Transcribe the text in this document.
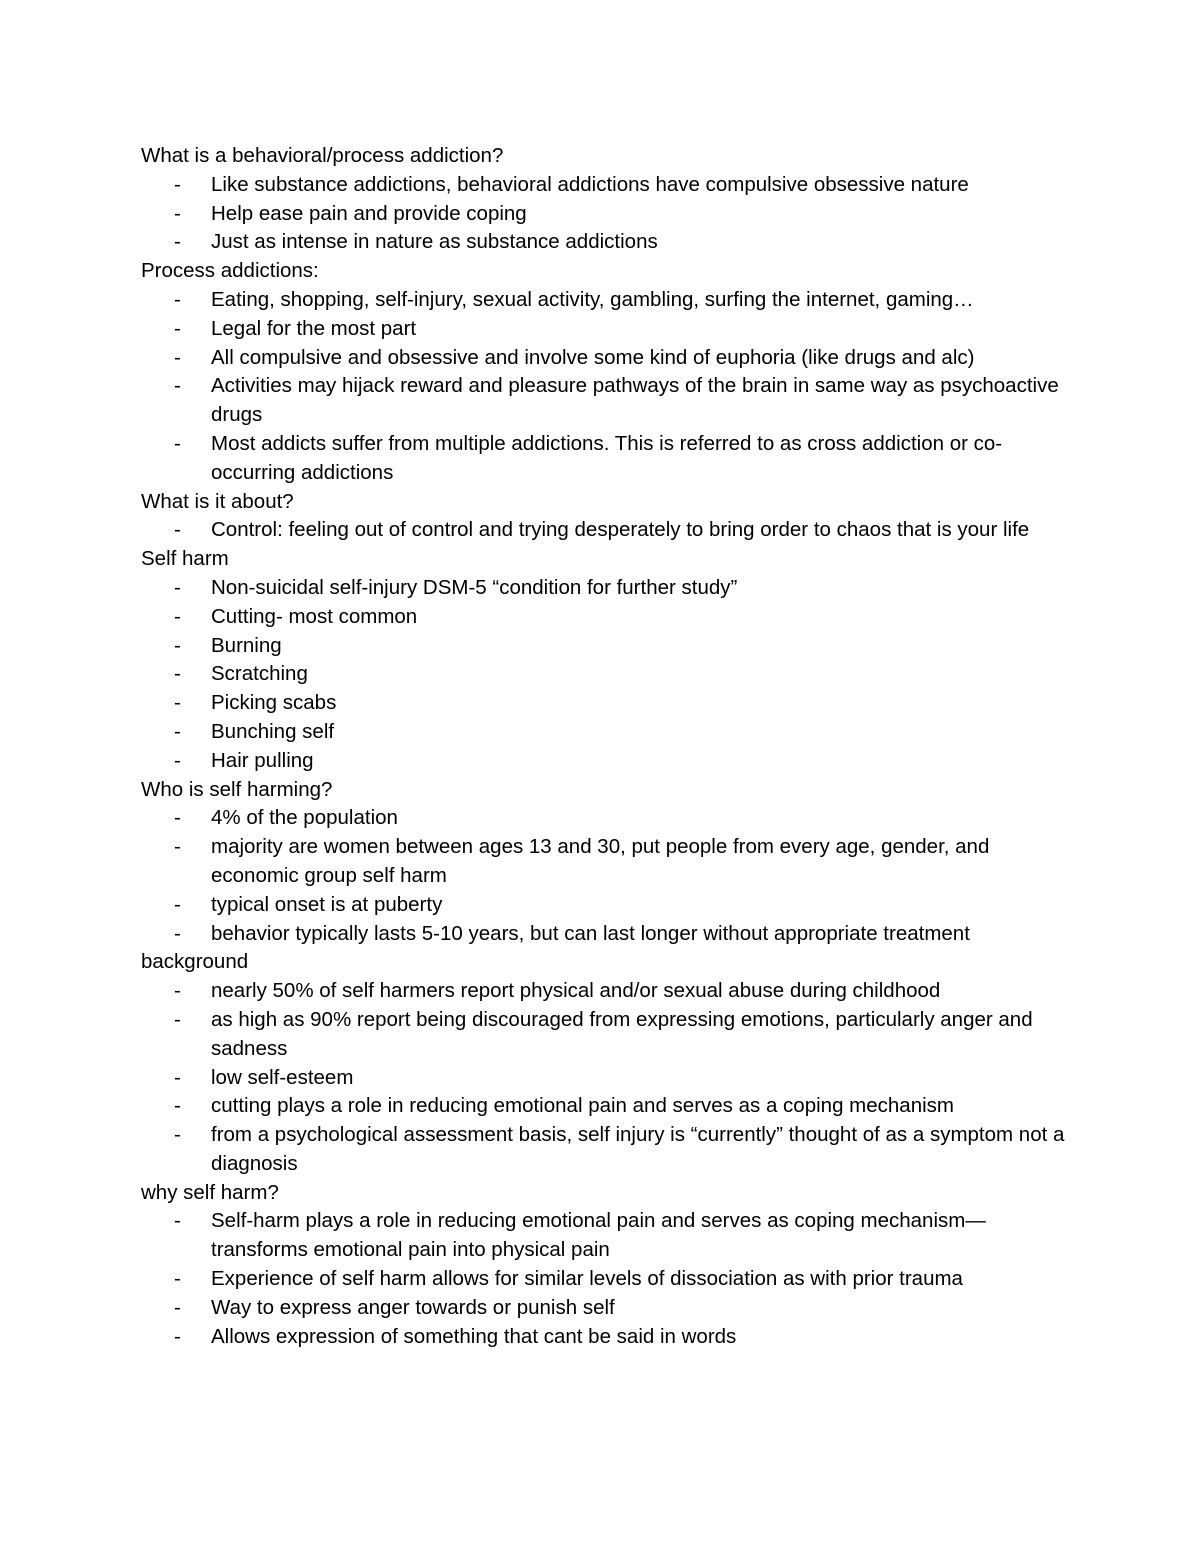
What is a behavioral/process addiction?
- Like substance addictions, behavioral addictions have compulsive obsessive nature
- Help ease pain and provide coping
- Just as intense in nature as substance addictions
Process addictions:
- Eating, shopping, self-injury, sexual activity, gambling, surfing the internet, gaming…
- Legal for the most part
- All compulsive and obsessive and involve some kind of euphoria (like drugs and alc)
- Activities may hijack reward and pleasure pathways of the brain in same way as psychoactive drugs
- Most addicts suffer from multiple addictions. This is referred to as cross addiction or co-occurring addictions
What is it about?
- Control: feeling out of control and trying desperately to bring order to chaos that is your life
Self harm
- Non-suicidal self-injury DSM-5 “condition for further study”
- Cutting- most common
- Burning
- Scratching
- Picking scabs
- Bunching self
- Hair pulling
Who is self harming?
- 4% of the population
- majority are women between ages 13 and 30, put people from every age, gender, and economic group self harm
- typical onset is at puberty
- behavior typically lasts 5-10 years, but can last longer without appropriate treatment
background
- nearly 50% of self harmers report physical and/or sexual abuse during childhood
- as high as 90% report being discouraged from expressing emotions, particularly anger and sadness
- low self-esteem
- cutting plays a role in reducing emotional pain and serves as a coping mechanism
- from a psychological assessment basis, self injury is “currently” thought of as a symptom not a diagnosis
why self harm?
- Self-harm plays a role in reducing emotional pain and serves as coping mechanism—transforms emotional pain into physical pain
- Experience of self harm allows for similar levels of dissociation as with prior trauma
- Way to express anger towards or punish self
- Allows expression of something that cant be said in words
